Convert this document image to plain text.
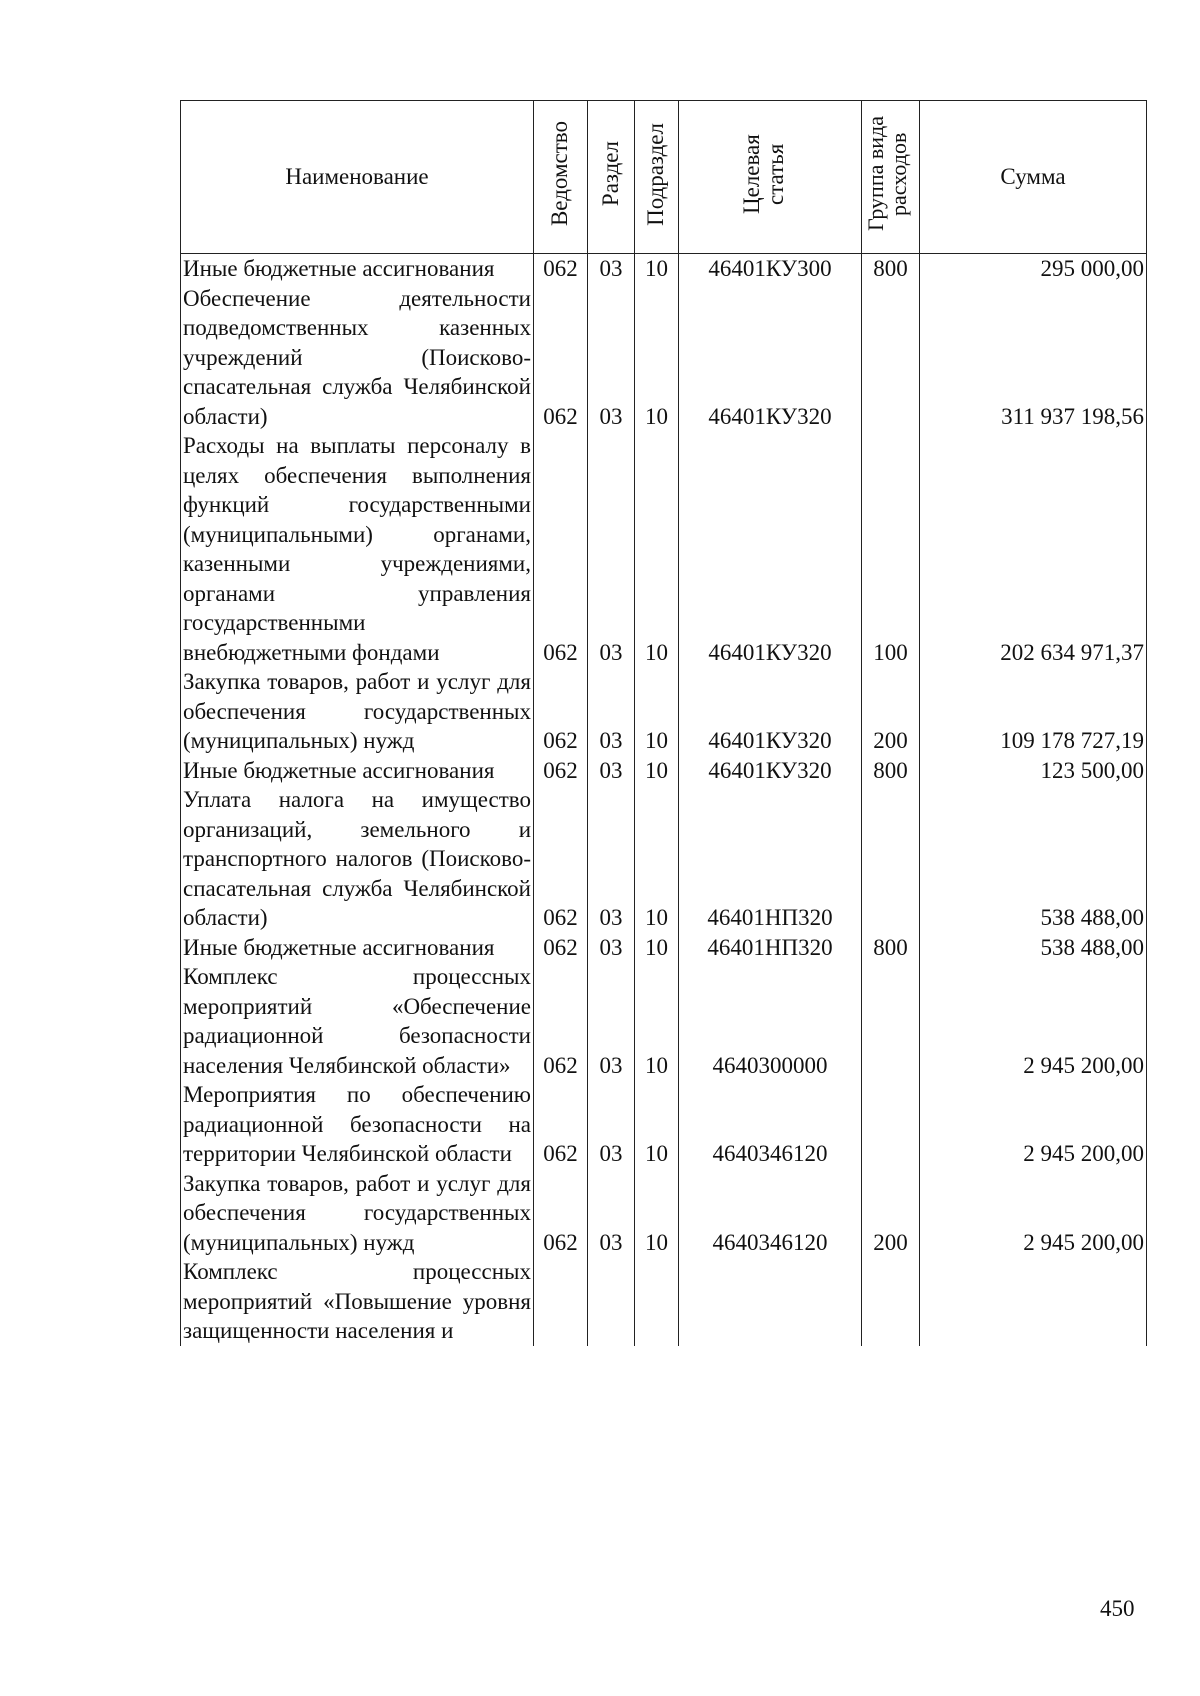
Наименование	Ведомство	Раздел	Подраздел	Целевая статья	Группа вида расходов	Сумма
Иные бюджетные ассигнования	062	03	10	46401КУ300	800	295 000,00
Обеспечение деятельности подведомственных казенных учреждений (Поисково-спасательная служба Челябинской области)	062	03	10	46401КУ320		311 937 198,56
Расходы на выплаты персоналу в целях обеспечения выполнения функций государственными (муниципальными) органами, казенными учреждениями, органами управления государственными внебюджетными фондами	062	03	10	46401КУ320	100	202 634 971,37
Закупка товаров, работ и услуг для обеспечения государственных (муниципальных) нужд	062	03	10	46401КУ320	200	109 178 727,19
Иные бюджетные ассигнования	062	03	10	46401КУ320	800	123 500,00
Уплата налога на имущество организаций, земельного и транспортного налогов (Поисково-спасательная служба Челябинской области)	062	03	10	46401НП320		538 488,00
Иные бюджетные ассигнования	062	03	10	46401НП320	800	538 488,00
Комплекс процессных мероприятий «Обеспечение радиационной безопасности населения Челябинской области»	062	03	10	4640300000		2 945 200,00
Мероприятия по обеспечению радиационной безопасности на территории Челябинской области	062	03	10	4640346120		2 945 200,00
Закупка товаров, работ и услуг для обеспечения государственных (муниципальных) нужд	062	03	10	4640346120	200	2 945 200,00
Комплекс процессных мероприятий «Повышение уровня защищенности населения и						
450
